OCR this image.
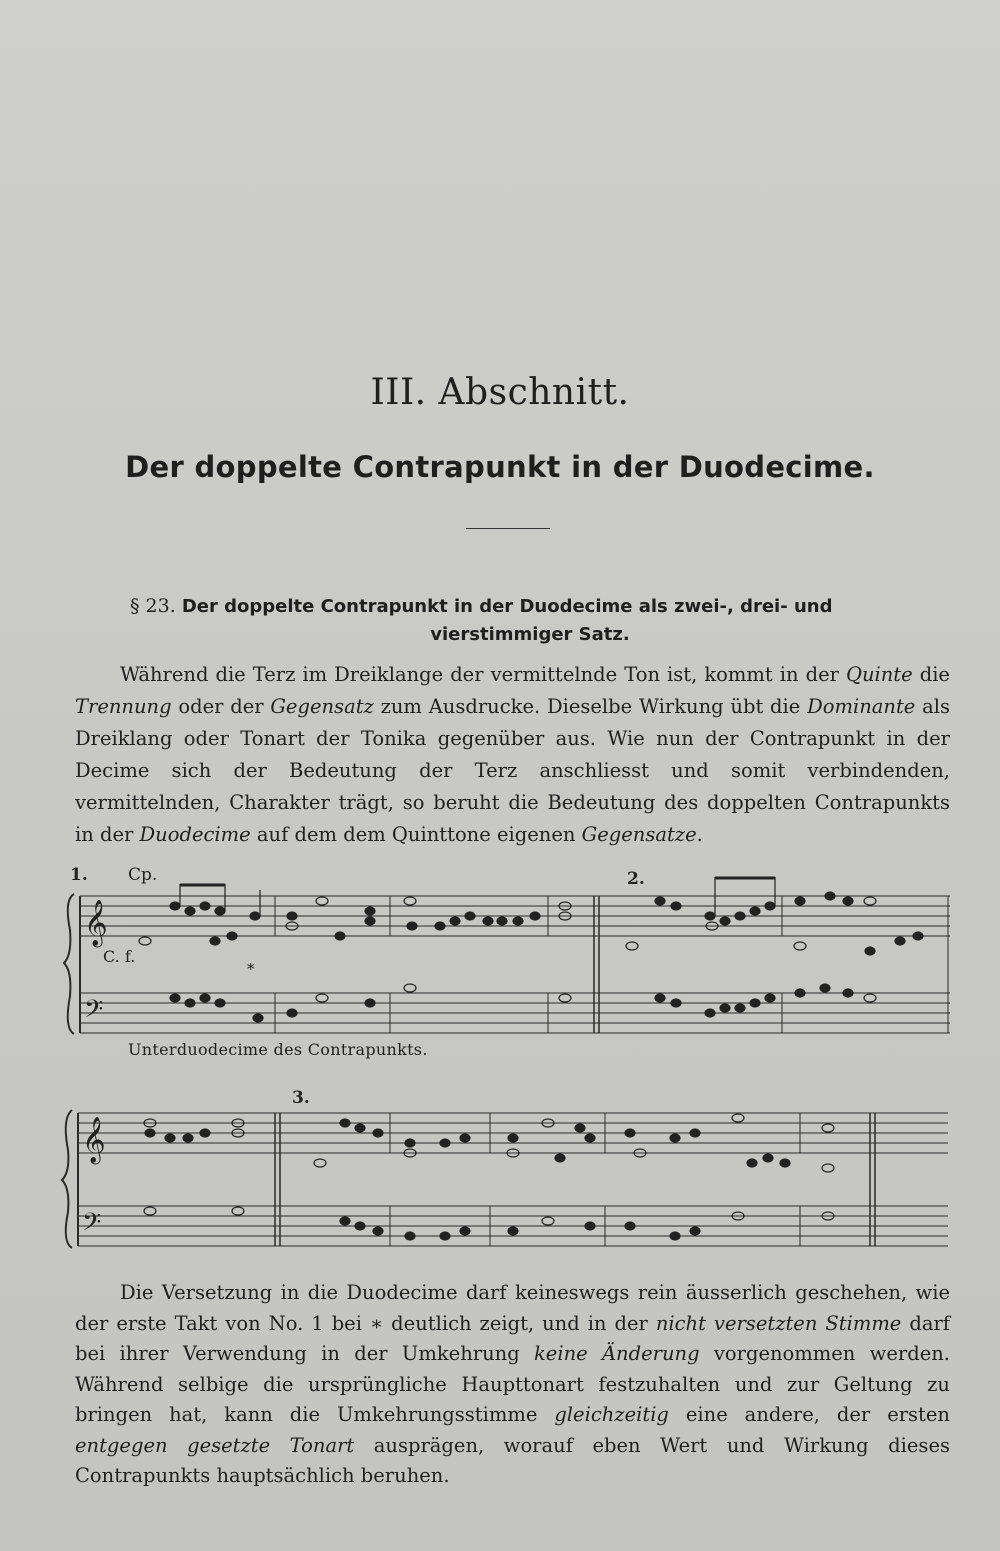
III. Abschnitt.
Der doppelte Contrapunkt in der Duodecime.
§ 23. Der doppelte Contrapunkt in der Duodecime als zwei-, drei- und
vierstimmiger Satz.

Während die Terz im Dreiklange der vermittelnde Ton ist, kommt in der Quinte die Trennung oder der Gegensatz zum Ausdrucke. Dieselbe Wirkung übt die Dominante als Dreiklang oder Tonart der Tonika gegenüber aus. Wie nun der Contrapunkt in der Decime sich der Bedeutung der Terz anschliesst und somit verbindenden, vermittelnden, Charakter trägt, so beruht die Bedeutung des doppelten Contrapunkts in der Duodecime auf dem dem Quinttone eigenen Gegensatze.

𝄞
𝄢
𝄞
𝄢
1. Cp.
C. f.
*
2.
3.
Unterduodecime des Contrapunkts.

Die Versetzung in die Duodecime darf keineswegs rein äusserlich geschehen, wie der erste Takt von No. 1 bei ∗ deutlich zeigt, und in der nicht versetzten Stimme darf bei ihrer Verwendung in der Umkehrung keine Änderung vorgenommen werden. Während selbige die ursprüngliche Haupttonart festzuhalten und zur Geltung zu bringen hat, kann die Umkehrungsstimme gleichzeitig eine andere, der ersten entgegen gesetzte Tonart ausprägen, worauf eben Wert und Wirkung dieses Contrapunkts hauptsächlich beruhen.
